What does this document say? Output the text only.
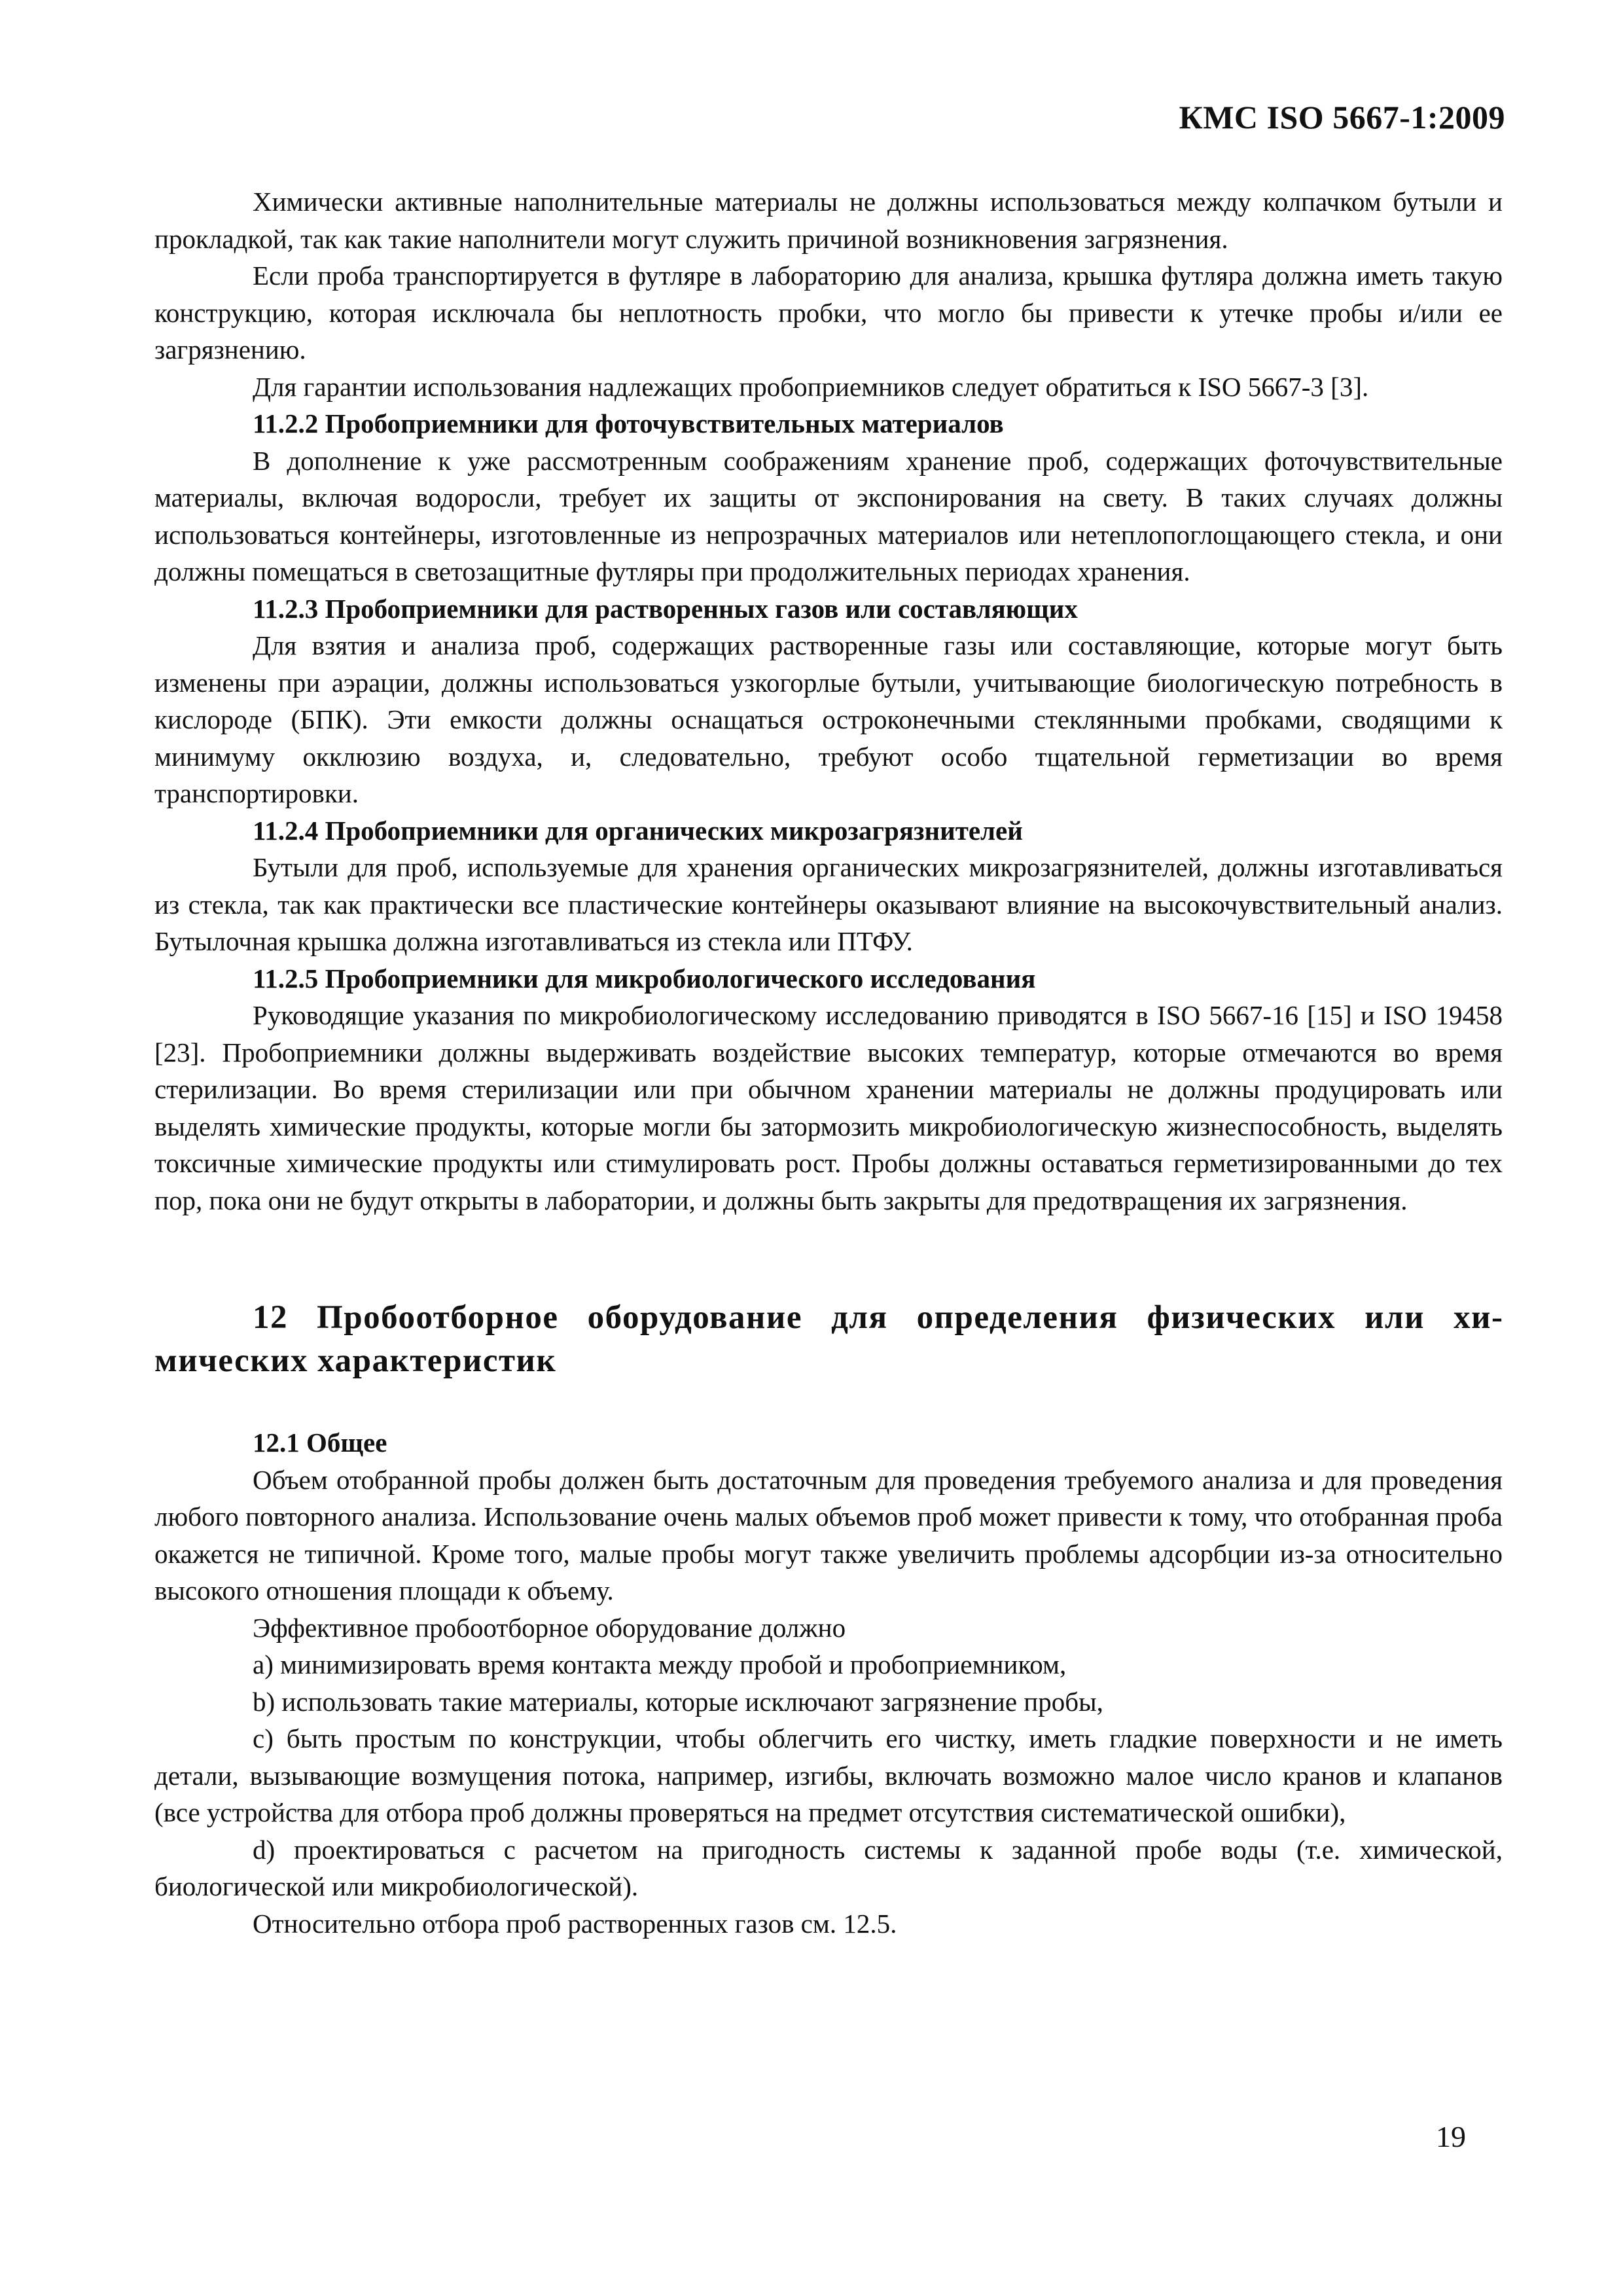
КМС ISO 5667-1:2009

Химически активные наполнительные материалы не должны использоваться между колпачком бутыли и прокладкой, так как такие наполнители могут служить причиной возникновения загрязнения.

Если проба транспортируется в футляре в лабораторию для анализа, крышка футляра должна иметь такую конструкцию, которая исключала бы неплотность пробки, что могло бы привести к утечке пробы и/или ее загрязнению.

Для гарантии использования надлежащих пробоприемников следует обратиться к ISO 5667-3 [3].

11.2.2 Пробоприемники для фоточувствительных материалов

В дополнение к уже рассмотренным соображениям хранение проб, содержащих фоточувствительные материалы, включая водоросли, требует их защиты от экспонирования на свету. В таких случаях должны использоваться контейнеры, изготовленные из непрозрачных материалов или нетеплопоглощающего стекла, и они должны помещаться в светозащитные футляры при продолжительных периодах хранения.

11.2.3 Пробоприемники для растворенных газов или составляющих

Для взятия и анализа проб, содержащих растворенные газы или составляющие, которые могут быть изменены при аэрации, должны использоваться узкогорлые бутыли, учитывающие биологическую потребность в кислороде (БПК). Эти емкости должны оснащаться остроконечными стеклянными пробками, сводящими к минимуму окклюзию воздуха, и, следовательно, требуют особо тщательной герметизации во время транспортировки.

11.2.4 Пробоприемники для органических микрозагрязнителей

Бутыли для проб, используемые для хранения органических микрозагрязнителей, должны изготавливаться из стекла, так как практически все пластические контейнеры оказывают влияние на высокочувствительный анализ. Бутылочная крышка должна изготавливаться из стекла или ПТФУ.

11.2.5 Пробоприемники для микробиологического исследования

Руководящие указания по микробиологическому исследованию приводятся в ISO 5667-16 [15] и ISO 19458 [23]. Пробоприемники должны выдерживать воздействие высоких температур, которые отмечаются во время стерилизации. Во время стерилизации или при обычном хранении материалы не должны продуцировать или выделять химические продукты, которые могли бы затормозить микробиологическую жизнеспособность, выделять токсичные химические продукты или стимулировать рост. Пробы должны оставаться герметизированными до тех пор, пока они не будут открыты в лаборатории, и должны быть закрыты для предотвращения их загрязнения.

12 Пробоотборное оборудование для определения физических или химических характеристик

12.1 Общее

Объем отобранной пробы должен быть достаточным для проведения требуемого анализа и для проведения любого повторного анализа. Использование очень малых объемов проб может привести к тому, что отобранная проба окажется не типичной. Кроме того, малые пробы могут также увеличить проблемы адсорбции из-за относительно высокого отношения площади к объему.

Эффективное пробоотборное оборудование должно

a) минимизировать время контакта между пробой и пробоприемником,

b) использовать такие материалы, которые исключают загрязнение пробы,

c) быть простым по конструкции, чтобы облегчить его чистку, иметь гладкие поверхности и не иметь детали, вызывающие возмущения потока, например, изгибы, включать возможно малое число кранов и клапанов (все устройства для отбора проб должны проверяться на предмет отсутствия систематической ошибки),

d) проектироваться с расчетом на пригодность системы к заданной пробе воды (т.е. химической, биологической или микробиологической).

Относительно отбора проб растворенных газов см. 12.5.

19
